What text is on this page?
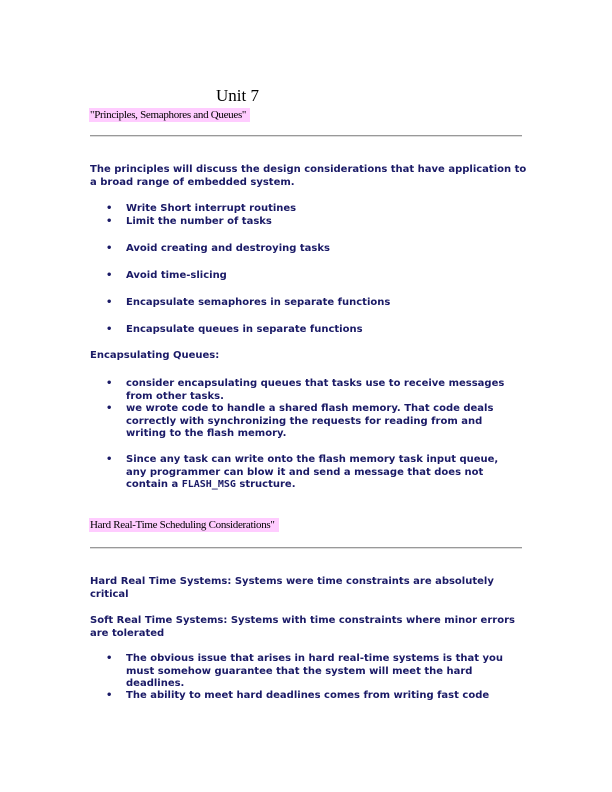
Unit 7
"Principles, Semaphores and Queues"

The principles will discuss the design considerations that have application to a broad range of embedded system.

• Write Short interrupt routines

• Limit the number of tasks

• Avoid creating and destroying tasks

• Avoid time-slicing

• Encapsulate semaphores in separate functions

• Encapsulate queues in separate functions

Encapsulating Queues:

• consider encapsulating queues that tasks use to receive messages from other tasks.

• we wrote code to handle a shared flash memory. That code deals correctly with synchronizing the requests for reading from and writing to the flash memory.

• Since any task can write onto the flash memory task input queue, any programmer can blow it and send a message that does not contain a FLASH_MSG structure.

Hard Real-Time Scheduling Considerations"

Hard Real Time Systems: Systems were time constraints are absolutely critical

Soft Real Time Systems: Systems with time constraints where minor errors are tolerated

• The obvious issue that arises in hard real-time systems is that you must somehow guarantee that the system will meet the hard deadlines.

• The ability to meet hard deadlines comes from writing fast code
